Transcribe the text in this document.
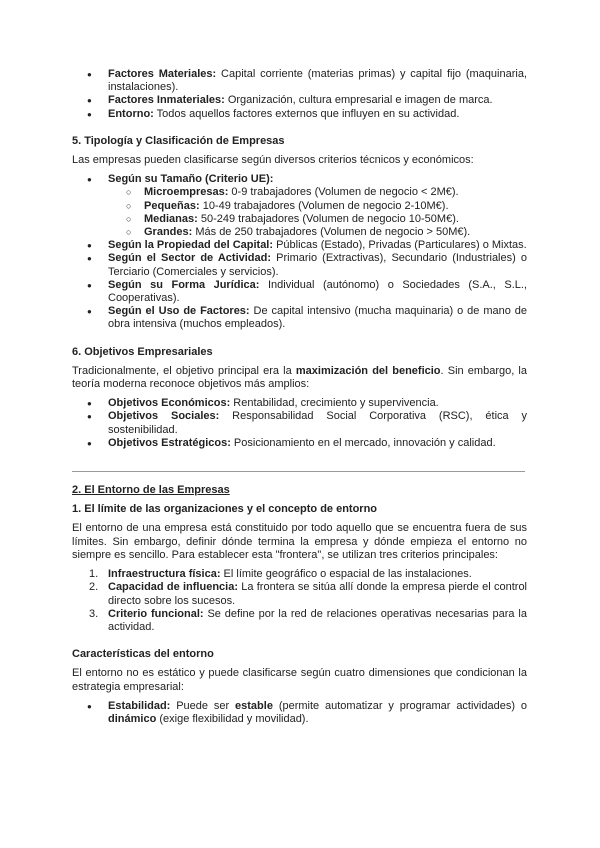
● Factores Materiales: Capital corriente (materias primas) y capital fijo (maquinaria, instalaciones).
● Factores Inmateriales: Organización, cultura empresarial e imagen de marca.
● Entorno: Todos aquellos factores externos que influyen en su actividad.
5. Tipología y Clasificación de Empresas

Las empresas pueden clasificarse según diversos criterios técnicos y económicos:

● Según su Tamaño (Criterio UE):
○ Microempresas: 0-9 trabajadores (Volumen de negocio < 2M€).
○ Pequeñas: 10-49 trabajadores (Volumen de negocio 2-10M€).
○ Medianas: 50-249 trabajadores (Volumen de negocio 10-50M€).
○ Grandes: Más de 250 trabajadores (Volumen de negocio > 50M€).
● Según la Propiedad del Capital: Públicas (Estado), Privadas (Particulares) o Mixtas.
● Según el Sector de Actividad: Primario (Extractivas), Secundario (Industriales) o Terciario (Comerciales y servicios).
● Según su Forma Jurídica: Individual (autónomo) o Sociedades (S.A., S.L., Cooperativas).
● Según el Uso de Factores: De capital intensivo (mucha maquinaria) o de mano de obra intensiva (muchos empleados).
6. Objetivos Empresariales

Tradicionalmente, el objetivo principal era la maximización del beneficio. Sin embargo, la teoría moderna reconoce objetivos más amplios:

● Objetivos Económicos: Rentabilidad, crecimiento y supervivencia.
● Objetivos Sociales: Responsabilidad Social Corporativa (RSC), ética y sostenibilidad.
● Objetivos Estratégicos: Posicionamiento en el mercado, innovación y calidad.
2. El Entorno de las Empresas
1. El límite de las organizaciones y el concepto de entorno

El entorno de una empresa está constituido por todo aquello que se encuentra fuera de sus límites. Sin embargo, definir dónde termina la empresa y dónde empieza el entorno no siempre es sencillo. Para establecer esta "frontera", se utilizan tres criterios principales:

1. Infraestructura física: El límite geográfico o espacial de las instalaciones.
2. Capacidad de influencia: La frontera se sitúa allí donde la empresa pierde el control directo sobre los sucesos.
3. Criterio funcional: Se define por la red de relaciones operativas necesarias para la actividad.
Características del entorno

El entorno no es estático y puede clasificarse según cuatro dimensiones que condicionan la estrategia empresarial:

● Estabilidad: Puede ser estable (permite automatizar y programar actividades) o dinámico (exige flexibilidad y movilidad).
